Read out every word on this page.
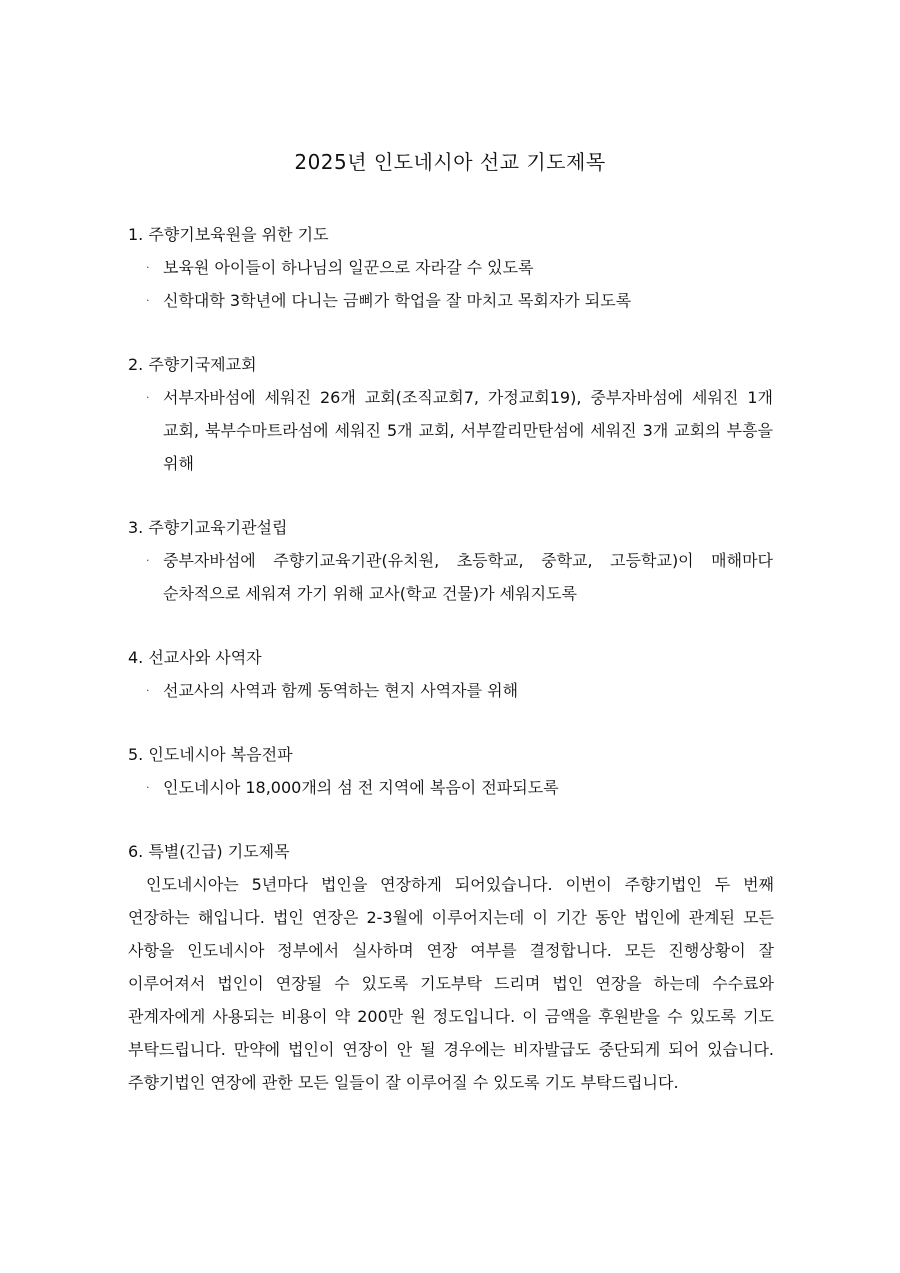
2025년 인도네시아 선교 기도제목
1. 주향기보육원을 위한 기도
· 보육원 아이들이 하나님의 일꾼으로 자라갈 수 있도록
· 신학대학 3학년에 다니는 금삐가 학업을 잘 마치고 목회자가 되도록
2. 주향기국제교회
· 서부자바섬에 세워진 26개 교회(조직교회7, 가정교회19), 중부자바섬에 세워진 1개 교회, 북부수마트라섬에 세워진 5개 교회, 서부깔리만탄섬에 세워진 3개 교회의 부흥을 위해
3. 주향기교육기관설립
· 중부자바섬에 주향기교육기관(유치원, 초등학교, 중학교, 고등학교)이 매해마다 순차적으로 세워져 가기 위해 교사(학교 건물)가 세워지도록
4. 선교사와 사역자
· 선교사의 사역과 함께 동역하는 현지 사역자를 위해
5. 인도네시아 복음전파
· 인도네시아 18,000개의 섬 전 지역에 복음이 전파되도록
6. 특별(긴급) 기도제목
인도네시아는 5년마다 법인을 연장하게 되어있습니다. 이번이 주향기법인 두 번째 연장하는 해입니다. 법인 연장은 2-3월에 이루어지는데 이 기간 동안 법인에 관계된 모든 사항을 인도네시아 정부에서 실사하며 연장 여부를 결정합니다. 모든 진행상황이 잘 이루어져서 법인이 연장될 수 있도록 기도부탁 드리며 법인 연장을 하는데 수수료와 관계자에게 사용되는 비용이 약 200만 원 정도입니다. 이 금액을 후원받을 수 있도록 기도 부탁드립니다. 만약에 법인이 연장이 안 될 경우에는 비자발급도 중단되게 되어 있습니다. 주향기법인 연장에 관한 모든 일들이 잘 이루어질 수 있도록 기도 부탁드립니다.
